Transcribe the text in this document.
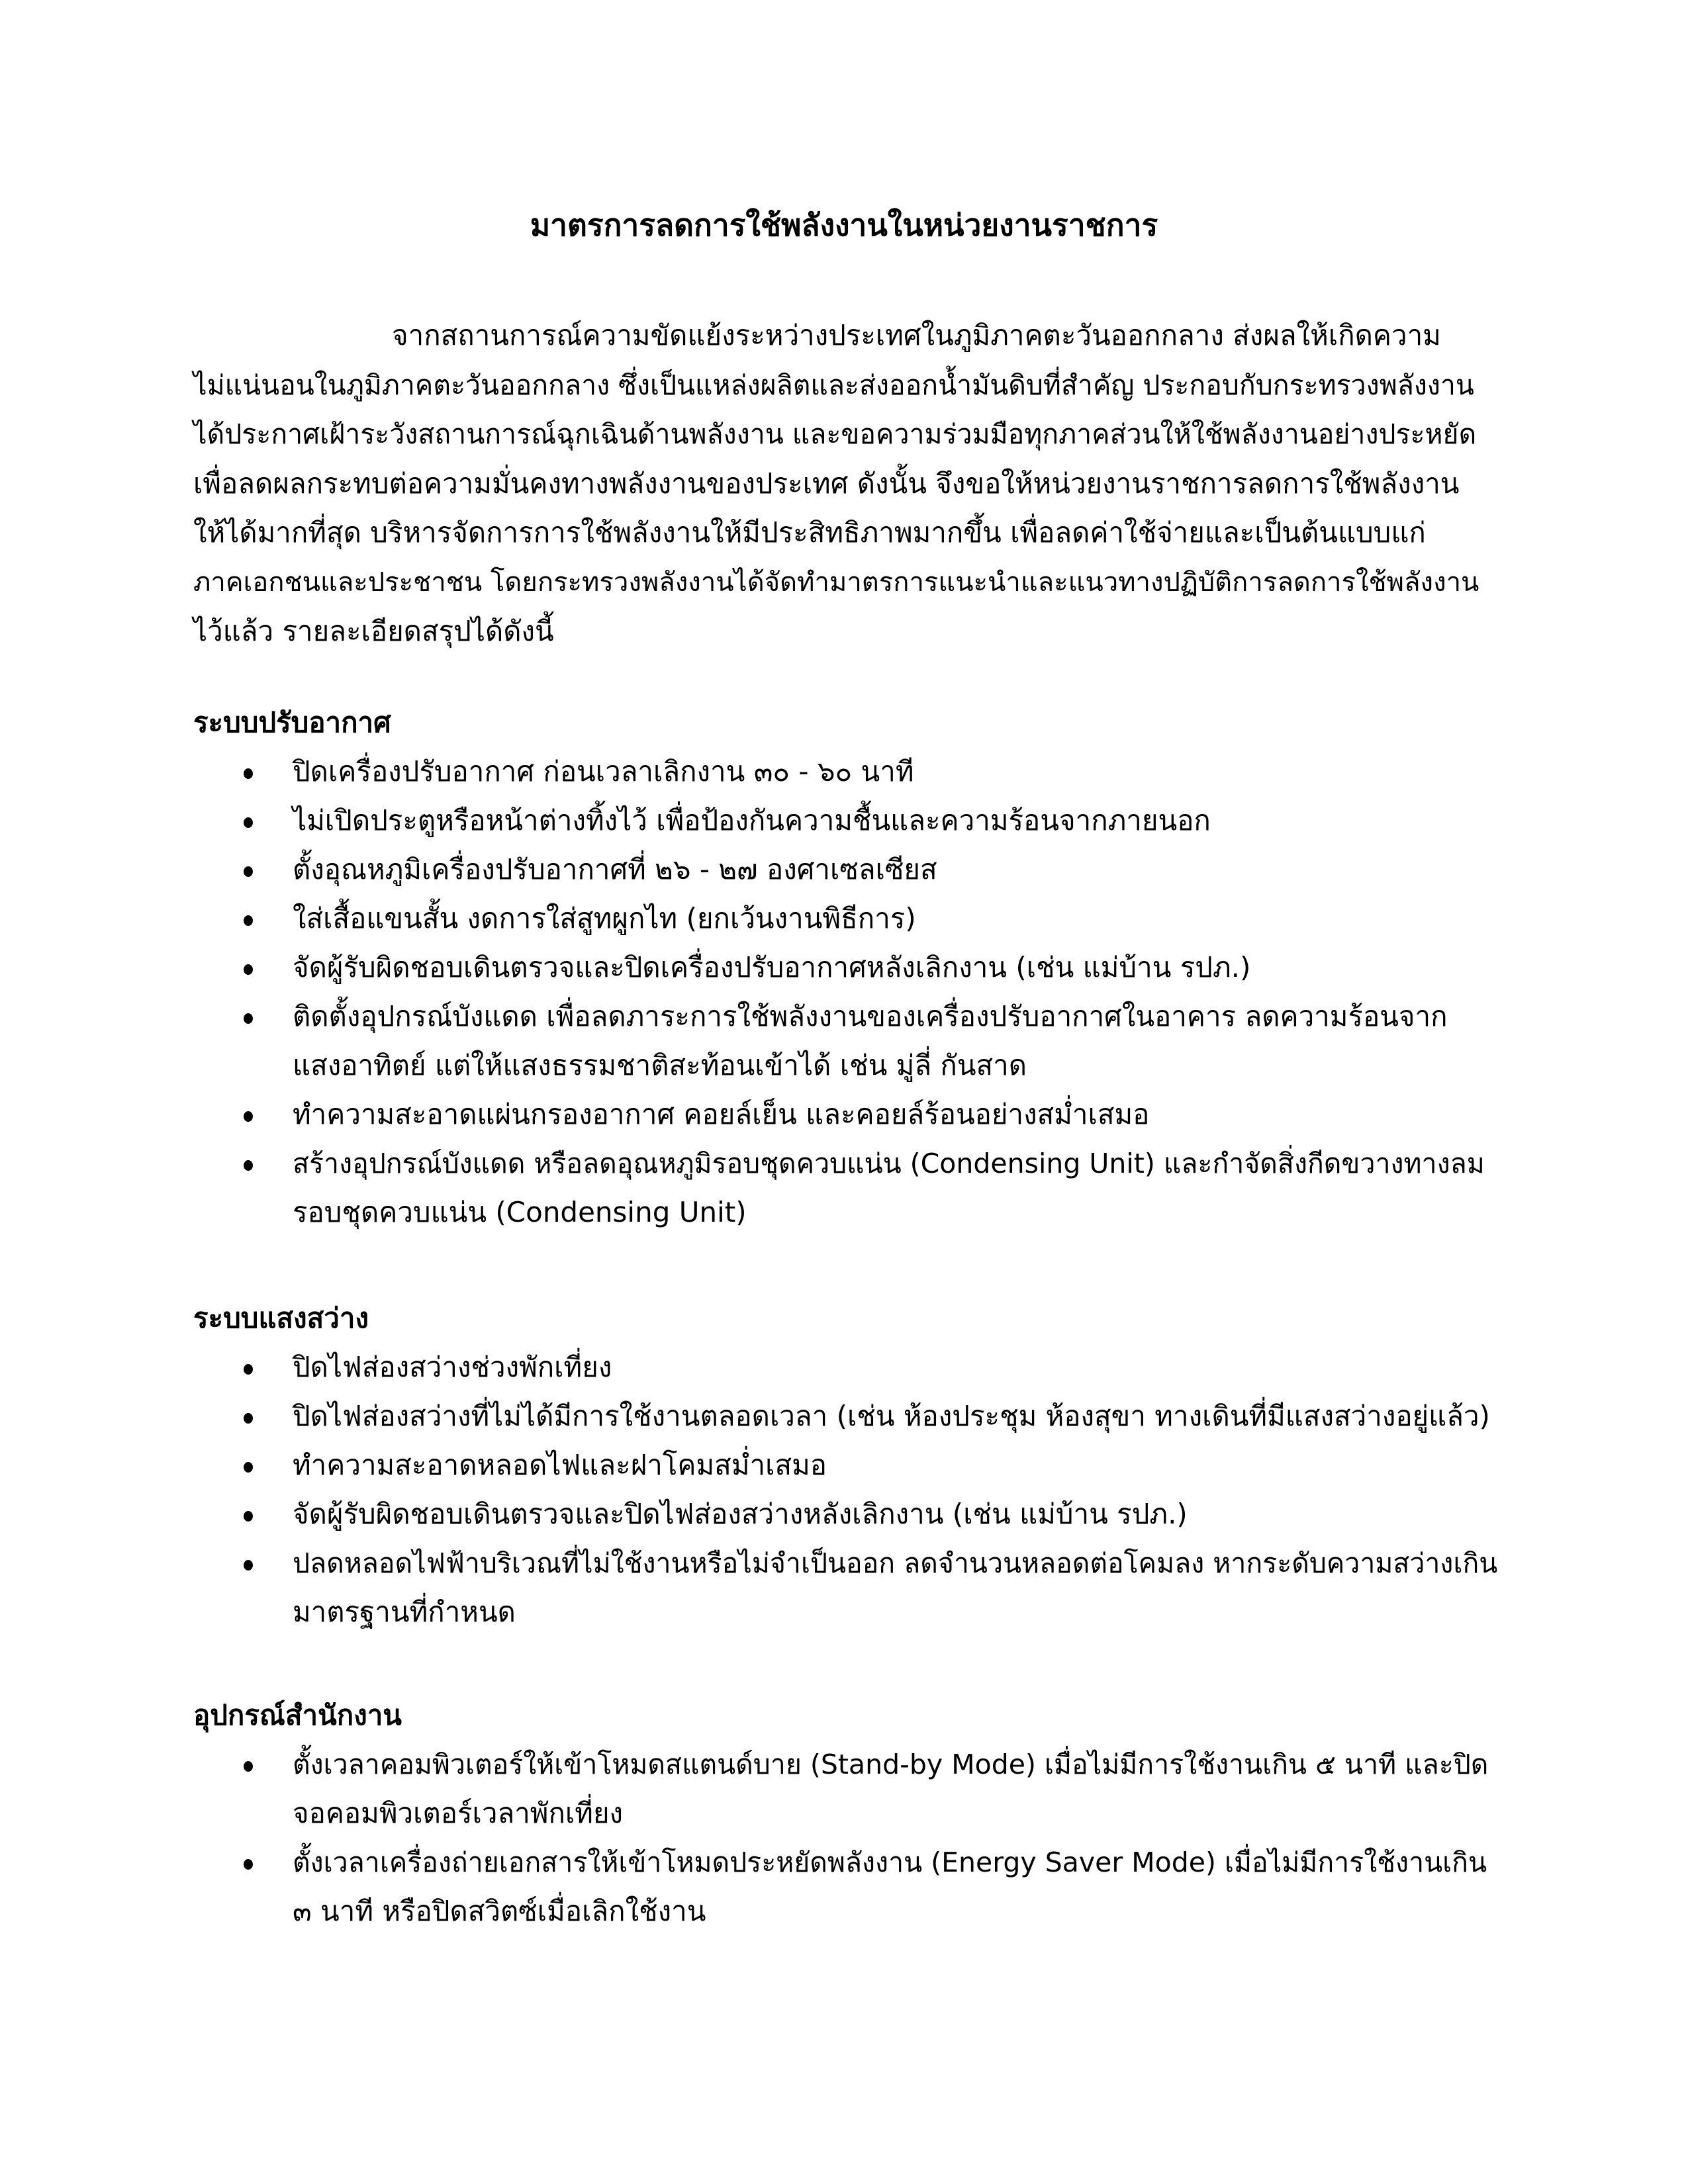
มาตรการลดการใช้พลังงานในหน่วยงานราชการ
จากสถานการณ์ความขัดแย้งระหว่างประเทศในภูมิภาคตะวันออกกลาง ส่งผลให้เกิดความ
ไม่แน่นอนในภูมิภาคตะวันออกกลาง ซึ่งเป็นแหล่งผลิตและส่งออกน้ำมันดิบที่สำคัญ ประกอบกับกระทรวงพลังงาน
ได้ประกาศเฝ้าระวังสถานการณ์ฉุกเฉินด้านพลังงาน และขอความร่วมมือทุกภาคส่วนให้ใช้พลังงานอย่างประหยัด
เพื่อลดผลกระทบต่อความมั่นคงทางพลังงานของประเทศ ดังนั้น จึงขอให้หน่วยงานราชการลดการใช้พลังงาน
ให้ได้มากที่สุด บริหารจัดการการใช้พลังงานให้มีประสิทธิภาพมากขึ้น เพื่อลดค่าใช้จ่ายและเป็นต้นแบบแก่
ภาคเอกชนและประชาชน โดยกระทรวงพลังงานได้จัดทำมาตรการแนะนำและแนวทางปฏิบัติการลดการใช้พลังงาน
ไว้แล้ว รายละเอียดสรุปได้ดังนี้
ระบบปรับอากาศ
ปิดเครื่องปรับอากาศ ก่อนเวลาเลิกงาน ๓๐ - ๖๐ นาที
ไม่เปิดประตูหรือหน้าต่างทิ้งไว้ เพื่อป้องกันความชื้นและความร้อนจากภายนอก
ตั้งอุณหภูมิเครื่องปรับอากาศที่ ๒๖ - ๒๗ องศาเซลเซียส
ใส่เสื้อแขนสั้น งดการใส่สูทผูกไท (ยกเว้นงานพิธีการ)
จัดผู้รับผิดชอบเดินตรวจและปิดเครื่องปรับอากาศหลังเลิกงาน (เช่น แม่บ้าน รปภ.)
ติดตั้งอุปกรณ์บังแดด เพื่อลดภาระการใช้พลังงานของเครื่องปรับอากาศในอาคาร ลดความร้อนจาก
แสงอาทิตย์ แต่ให้แสงธรรมชาติสะท้อนเข้าได้ เช่น มู่ลี่ กันสาด
ทำความสะอาดแผ่นกรองอากาศ คอยล์เย็น และคอยล์ร้อนอย่างสม่ำเสมอ
สร้างอุปกรณ์บังแดด หรือลดอุณหภูมิรอบชุดควบแน่น (Condensing Unit) และกำจัดสิ่งกีดขวางทางลม
รอบชุดควบแน่น (Condensing Unit)
ระบบแสงสว่าง
ปิดไฟส่องสว่างช่วงพักเที่ยง
ปิดไฟส่องสว่างที่ไม่ได้มีการใช้งานตลอดเวลา (เช่น ห้องประชุม ห้องสุขา ทางเดินที่มีแสงสว่างอยู่แล้ว)
ทำความสะอาดหลอดไฟและฝาโคมสม่ำเสมอ
จัดผู้รับผิดชอบเดินตรวจและปิดไฟส่องสว่างหลังเลิกงาน (เช่น แม่บ้าน รปภ.)
ปลดหลอดไฟฟ้าบริเวณที่ไม่ใช้งานหรือไม่จำเป็นออก ลดจำนวนหลอดต่อโคมลง หากระดับความสว่างเกิน
มาตรฐานที่กำหนด
อุปกรณ์สำนักงาน
ตั้งเวลาคอมพิวเตอร์ให้เข้าโหมดสแตนด์บาย (Stand-by Mode) เมื่อไม่มีการใช้งานเกิน ๕ นาที และปิด
จอคอมพิวเตอร์เวลาพักเที่ยง
ตั้งเวลาเครื่องถ่ายเอกสารให้เข้าโหมดประหยัดพลังงาน (Energy Saver Mode) เมื่อไม่มีการใช้งานเกิน
๓ นาที หรือปิดสวิตซ์เมื่อเลิกใช้งาน
